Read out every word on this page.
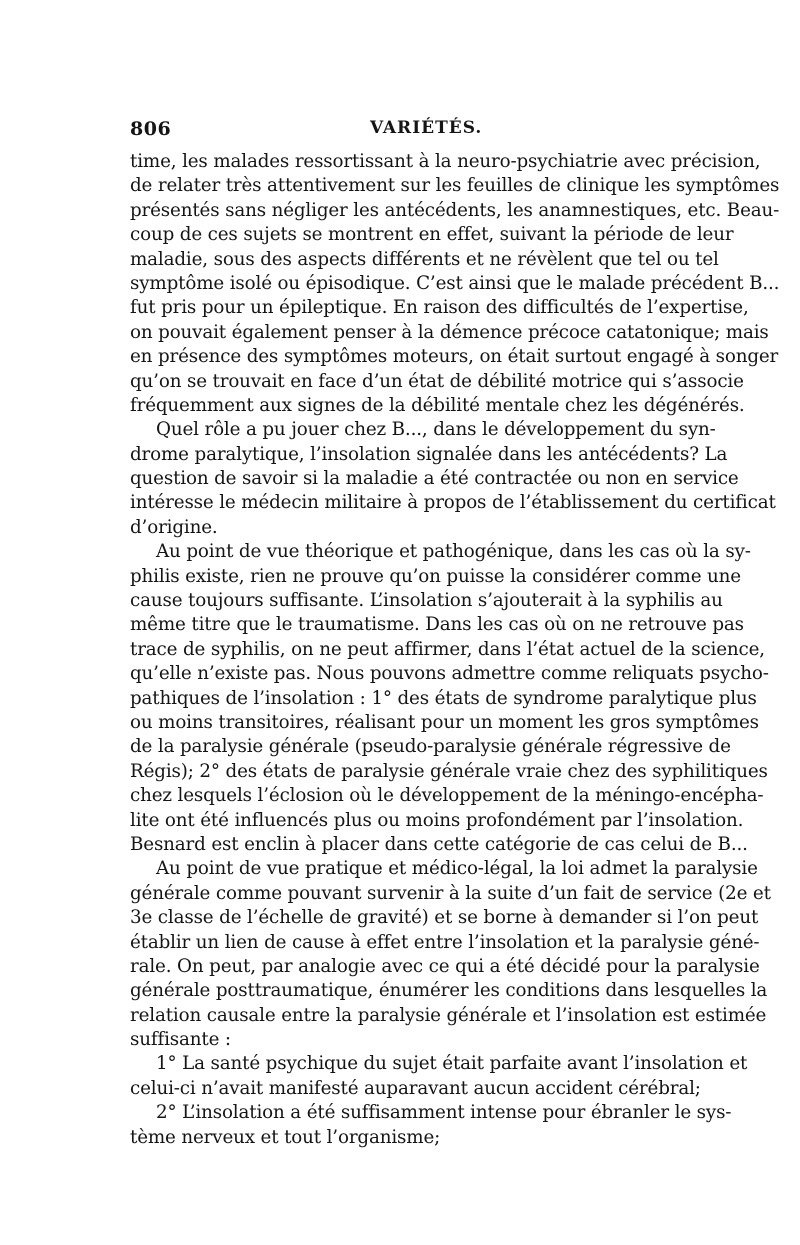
806	VARIÉTÉS.
time, les malades ressortissant à la neuro-psychiatrie avec précision,
de relater très attentivement sur les feuilles de clinique les symptômes
présentés sans négliger les antécédents, les anamnestiques, etc. Beau-
coup de ces sujets se montrent en effet, suivant la période de leur
maladie, sous des aspects différents et ne révèlent que tel ou tel
symptôme isolé ou épisodique. C’est ainsi que le malade précédent B...
fut pris pour un épileptique. En raison des difficultés de l’expertise,
on pouvait également penser à la démence précoce catatonique; mais
en présence des symptômes moteurs, on était surtout engagé à songer
qu’on se trouvait en face d’un état de débilité motrice qui s’associe
fréquemment aux signes de la débilité mentale chez les dégénérés.
Quel rôle a pu jouer chez B..., dans le développement du syn-
drome paralytique, l’insolation signalée dans les antécédents? La
question de savoir si la maladie a été contractée ou non en service
intéresse le médecin militaire à propos de l’établissement du certificat
d’origine.
Au point de vue théorique et pathogénique, dans les cas où la sy-
philis existe, rien ne prouve qu’on puisse la considérer comme une
cause toujours suffisante. L’insolation s’ajouterait à la syphilis au
même titre que le traumatisme. Dans les cas où on ne retrouve pas
trace de syphilis, on ne peut affirmer, dans l’état actuel de la science,
qu’elle n’existe pas. Nous pouvons admettre comme reliquats psycho-
pathiques de l’insolation : 1° des états de syndrome paralytique plus
ou moins transitoires, réalisant pour un moment les gros symptômes
de la paralysie générale (pseudo-paralysie générale régressive de
Régis); 2° des états de paralysie générale vraie chez des syphilitiques
chez lesquels l’éclosion où le développement de la méningo-encépha-
lite ont été influencés plus ou moins profondément par l’insolation.
Besnard est enclin à placer dans cette catégorie de cas celui de B...
Au point de vue pratique et médico-légal, la loi admet la paralysie
générale comme pouvant survenir à la suite d’un fait de service (2e et
3e classe de l’échelle de gravité) et se borne à demander si l’on peut
établir un lien de cause à effet entre l’insolation et la paralysie géné-
rale. On peut, par analogie avec ce qui a été décidé pour la paralysie
générale posttraumatique, énumérer les conditions dans lesquelles la
relation causale entre la paralysie générale et l’insolation est estimée
suffisante :
1° La santé psychique du sujet était parfaite avant l’insolation et
celui-ci n’avait manifesté auparavant aucun accident cérébral;
2° L’insolation a été suffisamment intense pour ébranler le sys-
tème nerveux et tout l’organisme;
